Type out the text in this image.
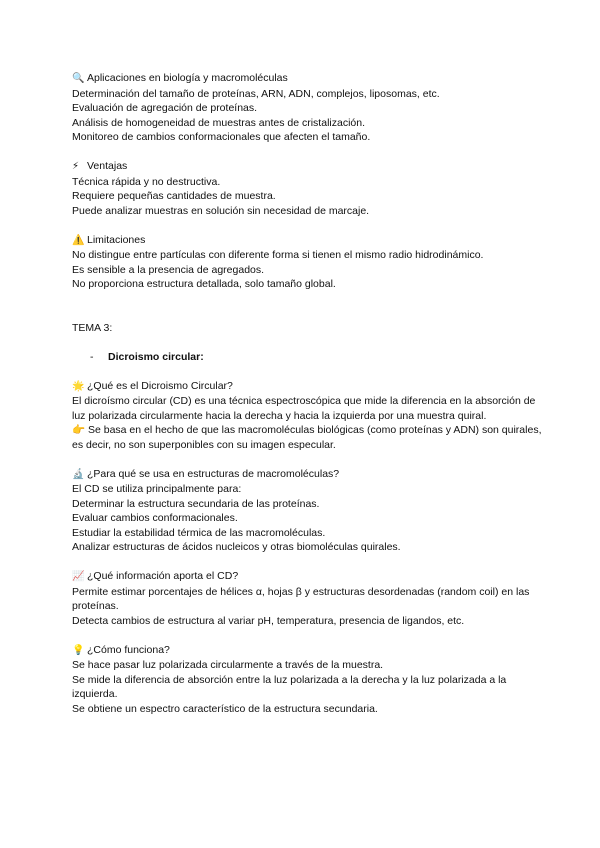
🔍 Aplicaciones en biología y macromoléculas
Determinación del tamaño de proteínas, ARN, ADN, complejos, liposomas, etc.
Evaluación de agregación de proteínas.
Análisis de homogeneidad de muestras antes de cristalización.
Monitoreo de cambios conformacionales que afecten el tamaño.
⚡ Ventajas
Técnica rápida y no destructiva.
Requiere pequeñas cantidades de muestra.
Puede analizar muestras en solución sin necesidad de marcaje.
⚠️ Limitaciones
No distingue entre partículas con diferente forma si tienen el mismo radio hidrodinámico.
Es sensible a la presencia de agregados.
No proporciona estructura detallada, solo tamaño global.
TEMA 3:
- Dicroismo circular:
🌟 ¿Qué es el Dicroismo Circular?
El dicroísmo circular (CD) es una técnica espectroscópica que mide la diferencia en la absorción de luz polarizada circularmente hacia la derecha y hacia la izquierda por una muestra quiral.
👉 Se basa en el hecho de que las macromoléculas biológicas (como proteínas y ADN) son quirales, es decir, no son superponibles con su imagen especular.
🔬 ¿Para qué se usa en estructuras de macromoléculas?
El CD se utiliza principalmente para:
Determinar la estructura secundaria de las proteínas.
Evaluar cambios conformacionales.
Estudiar la estabilidad térmica de las macromoléculas.
Analizar estructuras de ácidos nucleicos y otras biomoléculas quirales.
📈 ¿Qué información aporta el CD?
Permite estimar porcentajes de hélices α, hojas β y estructuras desordenadas (random coil) en las proteínas.
Detecta cambios de estructura al variar pH, temperatura, presencia de ligandos, etc.
💡 ¿Cómo funciona?
Se hace pasar luz polarizada circularmente a través de la muestra.
Se mide la diferencia de absorción entre la luz polarizada a la derecha y la luz polarizada a la izquierda.
Se obtiene un espectro característico de la estructura secundaria.
